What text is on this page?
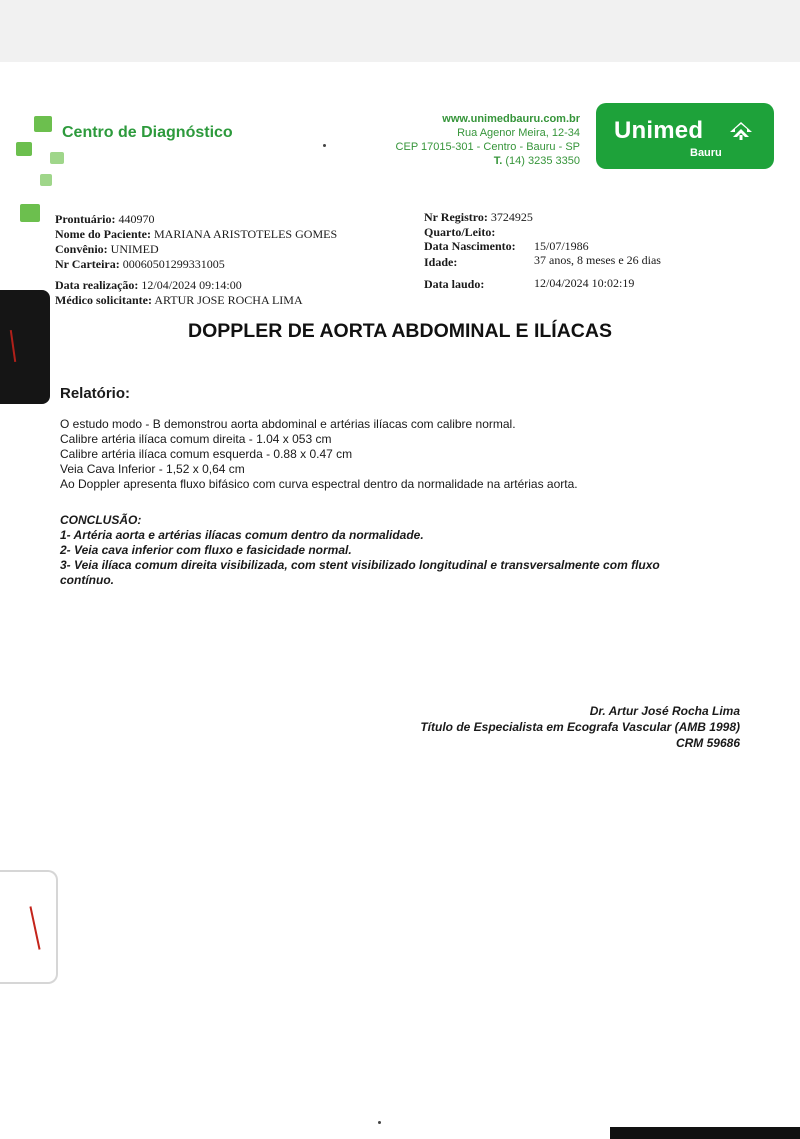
Centro de Diagnóstico
www.unimedbauru.com.br
Rua Agenor Meira, 12-34
CEP 17015-301 - Centro - Bauru - SP
T. (14) 3235 3350
Unimed
Bauru
Prontuário: 440970
Nome do Paciente: MARIANA ARISTOTELES GOMES
Convênio: UNIMED
Nr Carteira: 00060501299331005
Data realização: 12/04/2024 09:14:00
Médico solicitante: ARTUR JOSE ROCHA LIMA
Nr Registro: 3724925
Quarto/Leito:
Data Nascimento: 15/07/1986
Idade:	37 anos, 8 meses e 26 dias
Data laudo:	12/04/2024 10:02:19
DOPPLER DE AORTA ABDOMINAL E ILÍACAS
Relatório:
O estudo modo - B demonstrou aorta abdominal e artérias ilíacas com calibre normal.
Calibre artéria ilíaca comum direita - 1.04 x 053 cm
Calibre artéria ilíaca comum esquerda - 0.88 x 0.47 cm
Veia Cava Inferior - 1,52 x 0,64 cm
Ao Doppler apresenta fluxo bifásico com curva espectral dentro da normalidade na artérias aorta.
CONCLUSÃO:
1- Artéria aorta e artérias ilíacas comum dentro da normalidade.
2- Veia cava inferior com fluxo e fasicidade normal.
3- Veia ilíaca comum direita visibilizada, com stent visibilizado longitudinal e transversalmente com fluxo
contínuo.
Dr. Artur José Rocha Lima
Título de Especialista em Ecografa Vascular (AMB 1998)
CRM 59686
